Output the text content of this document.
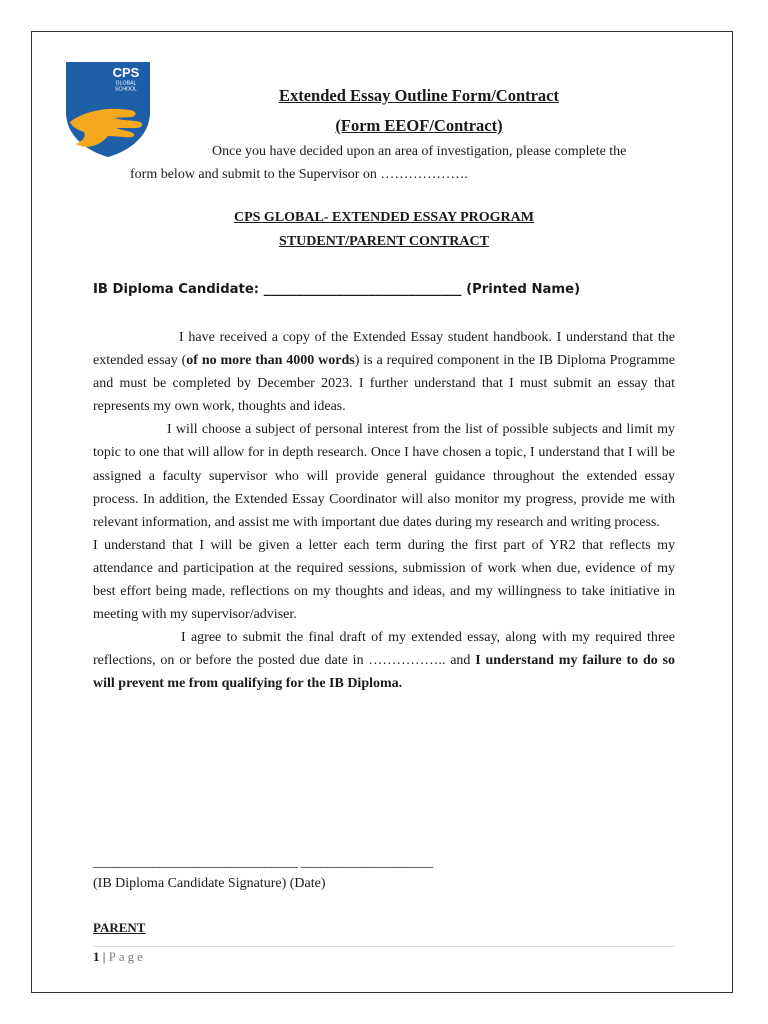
CPS
GLOBAL
SCHOOL	Extended Essay Outline Form/Contract
(Form EEOF/Contract)
Once you have decided upon an area of investigation, please complete the
form below and submit to the Supervisor on ……………….
CPS GLOBAL- EXTENDED ESSAY PROGRAM
STUDENT/PARENT CONTRACT
IB Diploma Candidate: ______________________________ (Printed Name)

I have received a copy of the Extended Essay student handbook. I understand that the extended essay (of no more than 4000 words) is a required component in the IB Diploma Programme and must be completed by December 2023. I further understand that I must submit an essay that represents my own work, thoughts and ideas.

I will choose a subject of personal interest from the list of possible subjects and limit my topic to one that will allow for in depth research. Once I have chosen a topic, I understand that I will be assigned a faculty supervisor who will provide general guidance throughout the extended essay process. In addition, the Extended Essay Coordinator will also monitor my progress, provide me with relevant information, and assist me with important due dates during my research and writing process.

I understand that I will be given a letter each term during the first part of YR2 that reflects my attendance and participation at the required sessions, submission of work when due, evidence of my best effort being made, reflections on my thoughts and ideas, and my willingness to take initiative in meeting with my supervisor/adviser.

I agree to submit the final draft of my extended essay, along with my required three reflections, on or before the posted due date in …………….. and I understand my failure to do so will prevent me from qualifying for the IB Diploma.

_______________________________ ____________________
(IB Diploma Candidate Signature) (Date)
PARENT
1 | Page
